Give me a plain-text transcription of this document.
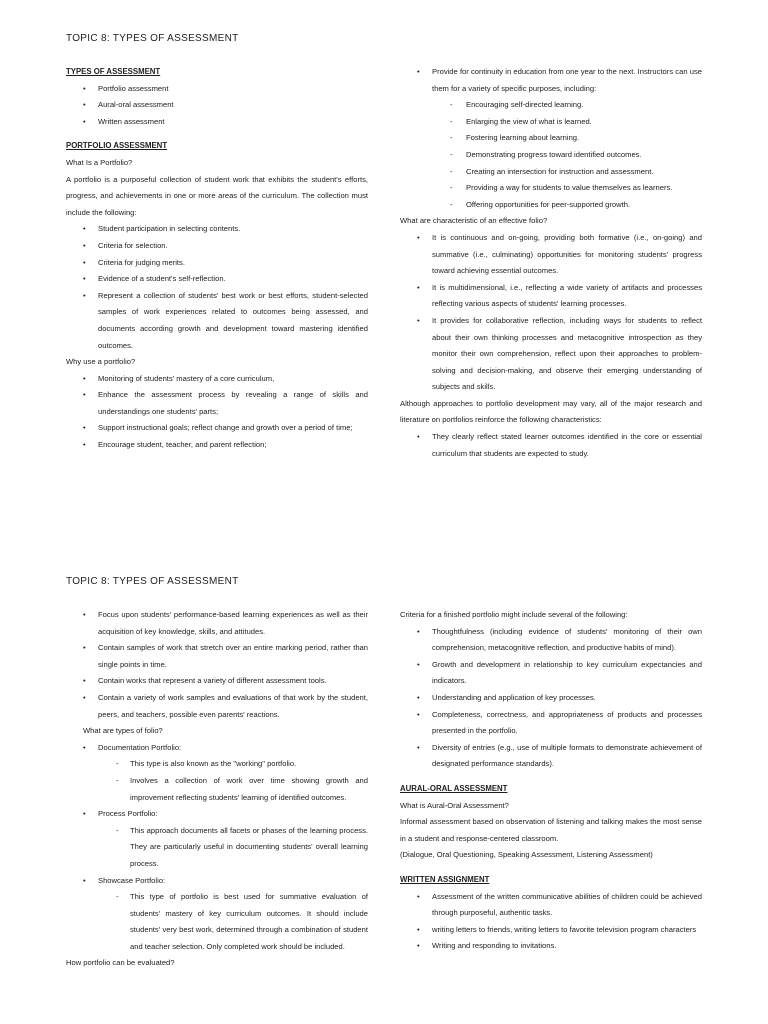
TOPIC 8: TYPES OF ASSESSMENT
TYPES OF ASSESSMENT
• Portfolio assessment
• Aural-oral assessment
• Written assessment
PORTFOLIO ASSESSMENT
What Is a Portfolio?
A portfolio is a purposeful collection of student work that exhibits the student's efforts, progress, and achievements in one or more areas of the curriculum. The collection must include the following:
• Student participation in selecting contents.
• Criteria for selection.
• Criteria for judging merits.
• Evidence of a student's self-reflection.
• Represent a collection of students' best work or best efforts, student-selected samples of work experiences related to outcomes being assessed, and documents according growth and development toward mastering identified outcomes.
Why use a portfolio?
• Monitoring of students' mastery of a core curriculum,
• Enhance the assessment process by revealing a range of skills and understandings one students' parts;
• Support instructional goals; reflect change and growth over a period of time;
• Encourage student, teacher, and parent reflection;
• Provide for continuity in education from one year to the next. Instructors can use them for a variety of specific purposes, including:
- Encouraging self-directed learning.
- Enlarging the view of what is learned.
- Fostering learning about learning.
- Demonstrating progress toward identified outcomes.
- Creating an intersection for instruction and assessment.
- Providing a way for students to value themselves as learners.
- Offering opportunities for peer-supported growth.
What are characteristic of an effective folio?
• It is continuous and on-going, providing both formative (i.e., on-going) and summative (i.e., culminating) opportunities for monitoring students' progress toward achieving essential outcomes.
• It is multidimensional, i.e., reflecting a wide variety of artifacts and processes reflecting various aspects of students' learning processes.
• It provides for collaborative reflection, including ways for students to reflect about their own thinking processes and metacognitive introspection as they monitor their own comprehension, reflect upon their approaches to problem-solving and decision-making, and observe their emerging understanding of subjects and skills.
Although approaches to portfolio development may vary, all of the major research and literature on portfolios reinforce the following characteristics:
• They clearly reflect stated learner outcomes identified in the core or essential curriculum that students are expected to study.
TOPIC 8: TYPES OF ASSESSMENT
• Focus upon students' performance-based learning experiences as well as their acquisition of key knowledge, skills, and attitudes.
• Contain samples of work that stretch over an entire marking period, rather than single points in time.
• Contain works that represent a variety of different assessment tools.
• Contain a variety of work samples and evaluations of that work by the student, peers, and teachers, possible even parents' reactions.
What are types of folio?
• Documentation Portfolio:
- This type is also known as the "working" portfolio.
- Involves a collection of work over time showing growth and improvement reflecting students' learning of identified outcomes.
• Process Portfolio:
- This approach documents all facets or phases of the learning process. They are particularly useful in documenting students' overall learning process.
• Showcase Portfolio:
- This type of portfolio is best used for summative evaluation of students' mastery of key curriculum outcomes. It should include students' very best work, determined through a combination of student and teacher selection. Only completed work should be included.
How portfolio can be evaluated?
Criteria for a finished portfolio might include several of the following:
• Thoughtfulness (including evidence of students' monitoring of their own comprehension, metacognitive reflection, and productive habits of mind).
• Growth and development in relationship to key curriculum expectancies and indicators.
• Understanding and application of key processes.
• Completeness, correctness, and appropriateness of products and processes presented in the portfolio.
• Diversity of entries (e.g., use of multiple formats to demonstrate achievement of designated performance standards).
AURAL-ORAL ASSESSMENT
What is Aural-Oral Assessment?
Informal assessment based on observation of listening and talking makes the most sense in a student and response-centered classroom.
(Dialogue, Oral Questioning, Speaking Assessment, Listening Assessment)
WRITTEN ASSIGNMENT
• Assessment of the written communicative abilities of children could be achieved through purposeful, authentic tasks.
• writing letters to friends, writing letters to favorite television program characters
• Writing and responding to invitations.
